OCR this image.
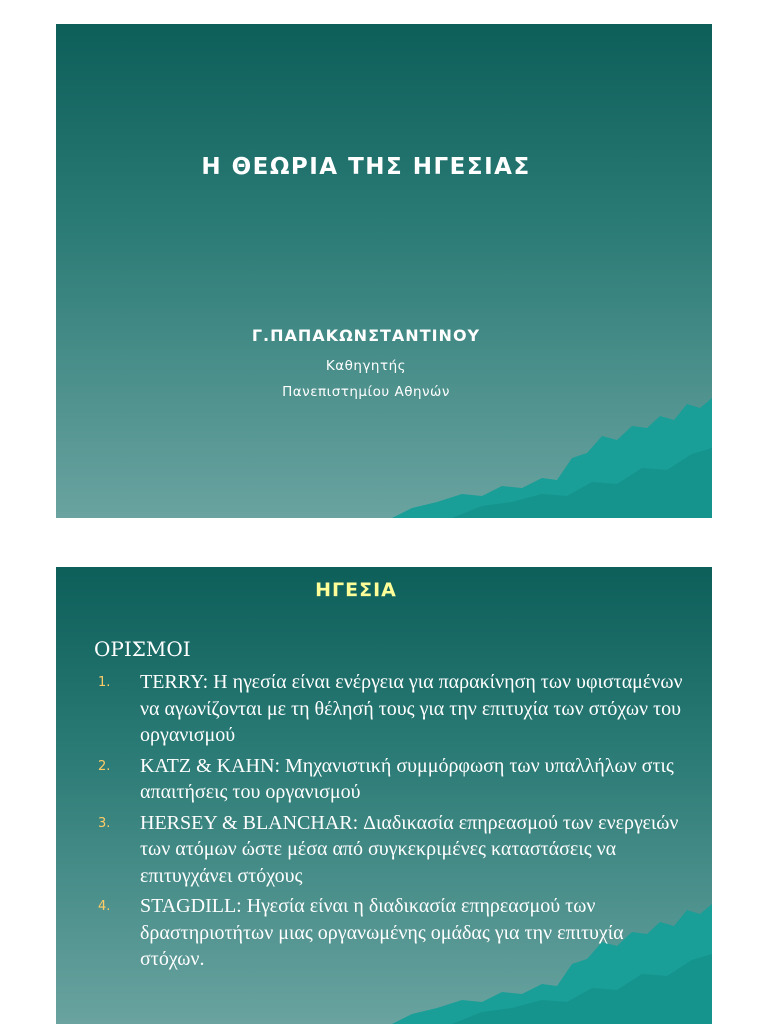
Η ΘΕΩΡΙΑ ΤΗΣ ΗΓΕΣΙΑΣ
Γ.ΠΑΠΑΚΩΝΣΤΑΝΤΙΝΟΥ
Καθηγητής
Πανεπιστημίου Αθηνών
ΗΓΕΣΙΑ
ΟΡΙΣΜΟΙ
1. TERRY: Η ηγεσία είναι ενέργεια για παρακίνηση των υφισταμένων να αγωνίζονται με τη θέλησή τους για την επιτυχία των στόχων του οργανισμού
2. KATZ & KAHN: Μηχανιστική συμμόρφωση των υπαλλήλων στις απαιτήσεις του οργανισμού
3. HERSEY & BLANCHAR: Διαδικασία επηρεασμού των ενεργειών των ατόμων ώστε μέσα από συγκεκριμένες καταστάσεις να επιτυγχάνει στόχους
4. STAGDILL: Ηγεσία είναι η διαδικασία επηρεασμού των δραστηριοτήτων μιας οργανωμένης ομάδας για την επιτυχία στόχων.
